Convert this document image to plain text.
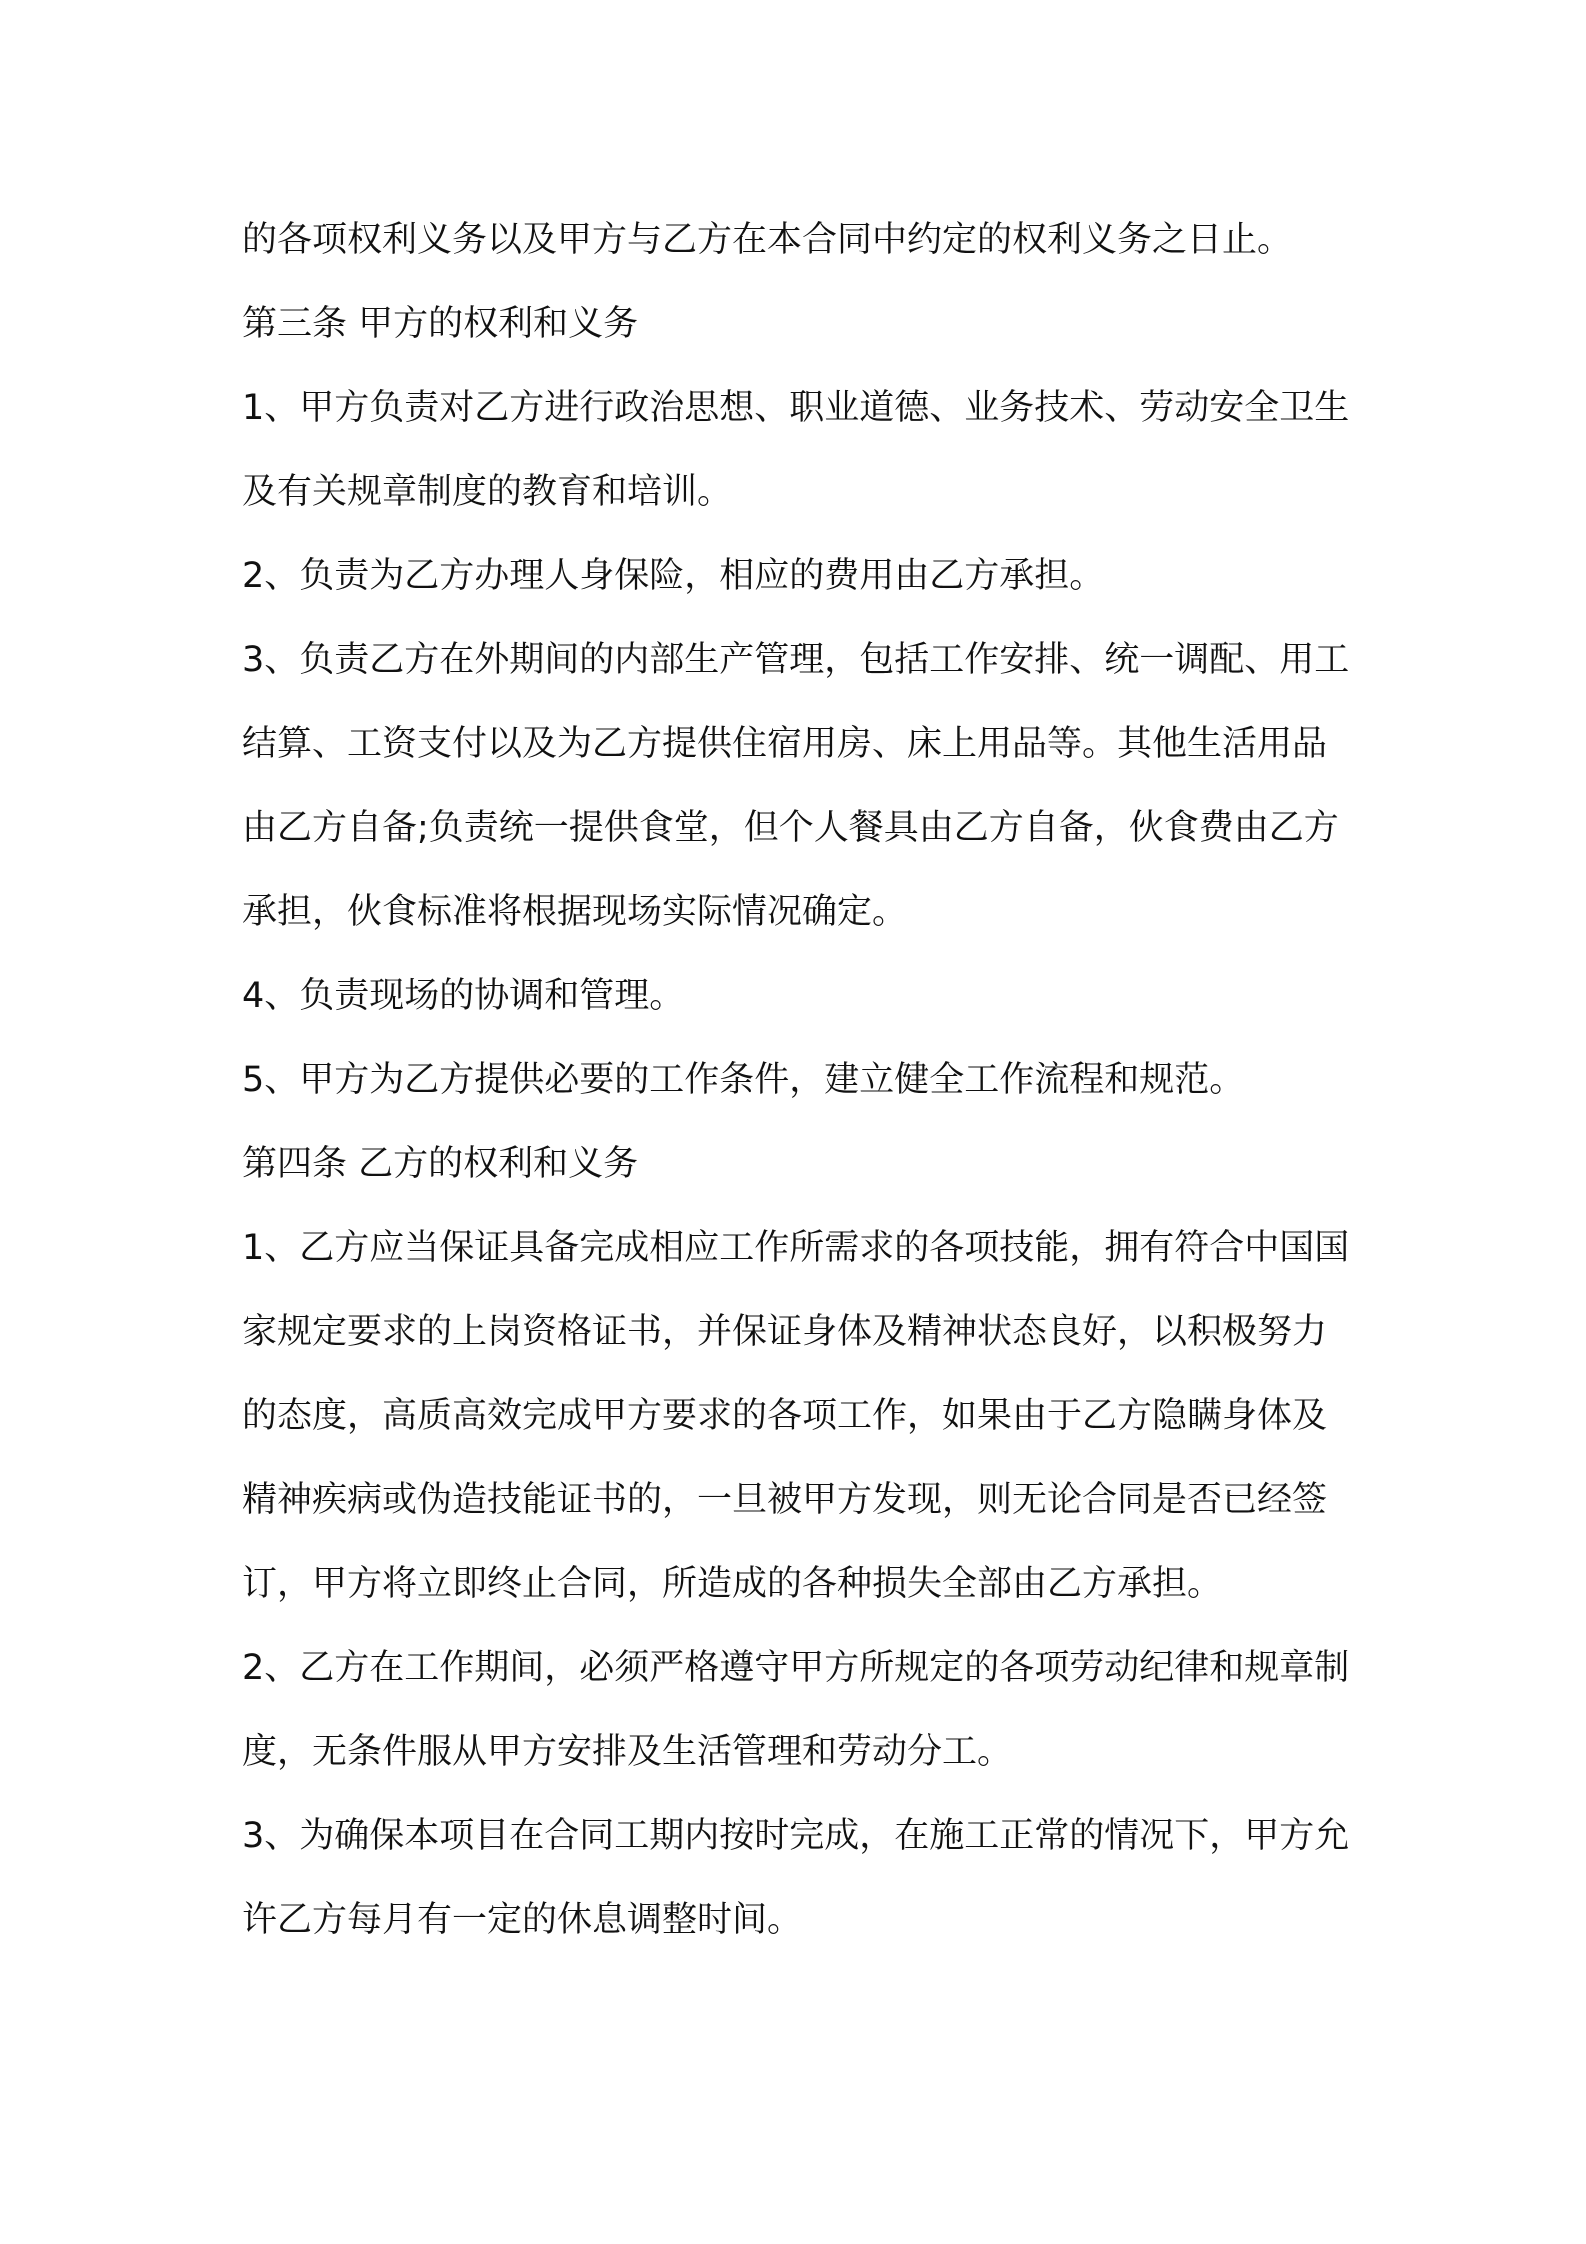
的各项权利义务以及甲方与乙方在本合同中约定的权利义务之日止。

第三条 甲方的权利和义务

1、甲方负责对乙方进行政治思想、职业道德、业务技术、劳动安全卫生及有关规章制度的教育和培训。

2、负责为乙方办理人身保险，相应的费用由乙方承担。

3、负责乙方在外期间的内部生产管理，包括工作安排、统一调配、用工结算、工资支付以及为乙方提供住宿用房、床上用品等。其他生活用品由乙方自备;负责统一提供食堂，但个人餐具由乙方自备，伙食费由乙方承担，伙食标准将根据现场实际情况确定。

4、负责现场的协调和管理。

5、甲方为乙方提供必要的工作条件，建立健全工作流程和规范。

第四条 乙方的权利和义务

1、乙方应当保证具备完成相应工作所需求的各项技能，拥有符合中国国家规定要求的上岗资格证书，并保证身体及精神状态良好，以积极努力的态度，高质高效完成甲方要求的各项工作，如果由于乙方隐瞒身体及精神疾病或伪造技能证书的，一旦被甲方发现，则无论合同是否已经签订，甲方将立即终止合同，所造成的各种损失全部由乙方承担。

2、乙方在工作期间，必须严格遵守甲方所规定的各项劳动纪律和规章制度，无条件服从甲方安排及生活管理和劳动分工。

3、为确保本项目在合同工期内按时完成，在施工正常的情况下，甲方允许乙方每月有一定的休息调整时间。
